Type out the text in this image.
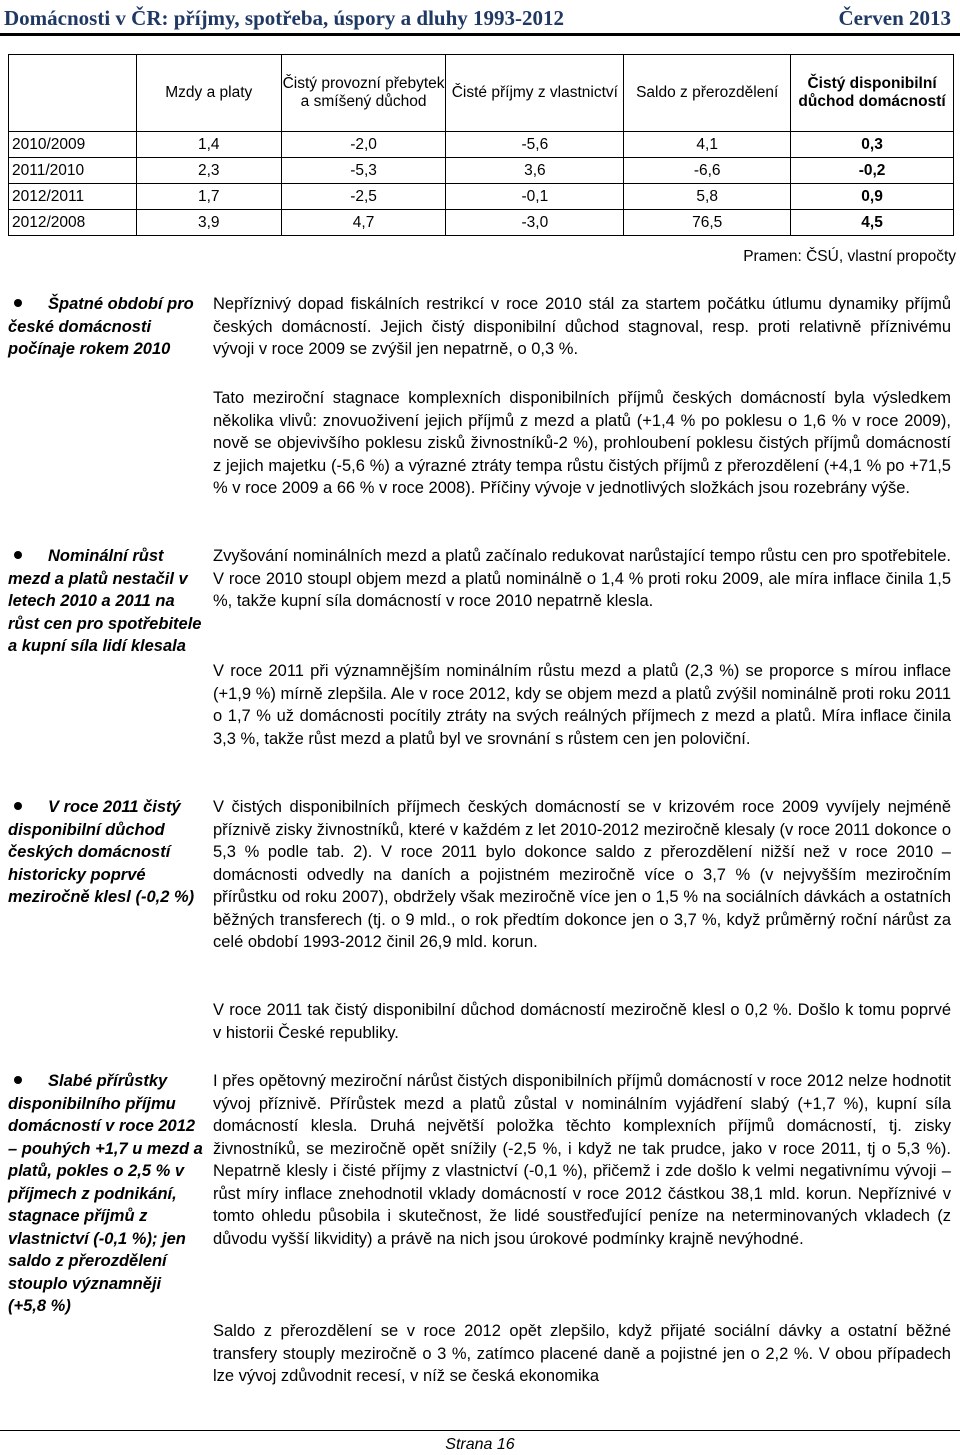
Domácnosti v ČR: příjmy, spotřeba, úspory a dluhy 1993-2012	Červen 2013
	Mzdy a platy	Čistý provozní přebytek a smíšený důchod	Čisté příjmy z vlastnictví	Saldo z přerozdělení	Čistý disponibilní důchod domácností
2010/2009	1,4	-2,0	-5,6	4,1	0,3
2011/2010	2,3	-5,3	3,6	-6,6	-0,2
2012/2011	1,7	-2,5	-0,1	5,8	0,9
2012/2008	3,9	4,7	-3,0	76,5	4,5
Pramen: ČSÚ, vlastní propočty
Špatné období pro české domácnosti počínaje rokem 2010
Nominální růst mezd a platů nestačil v letech 2010 a 2011 na růst cen pro spotřebitele a kupní síla lidí klesala
V roce 2011 čistý disponibilní důchod českých domácností historicky poprvé meziročně klesl (-0,2 %)
Slabé přírůstky disponibilního příjmu domácností v roce 2012 – pouhých +1,7 u mezd a platů, pokles o 2,5 % v příjmech z podnikání, stagnace příjmů z vlastnictví (-0,1 %); jen saldo z přerozdělení stouplo významněji (+5,8 %)
Nepříznivý dopad fiskálních restrikcí v roce 2010 stál za startem počátku útlumu dynamiky příjmů českých domácností. Jejich čistý disponibilní důchod stagnoval, resp. proti relativně příznivému vývoji v roce 2009 se zvýšil jen nepatrně, o 0,3 %.
Tato meziroční stagnace komplexních disponibilních příjmů českých domácností byla výsledkem několika vlivů: znovuoživení jejich příjmů z mezd a platů (+1,4 % po poklesu o 1,6 % v roce 2009), nově se objevivšího poklesu zisků živnostníků-2 %), prohloubení poklesu čistých příjmů domácností z jejich majetku (-5,6 %) a výrazné ztráty tempa růstu čistých příjmů z přerozdělení (+4,1 % po +71,5 % v roce 2009 a 66 % v roce 2008). Příčiny vývoje v jednotlivých složkách jsou rozebrány výše.
Zvyšování nominálních mezd a platů začínalo redukovat narůstající tempo růstu cen pro spotřebitele. V roce 2010 stoupl objem mezd a platů nominálně o 1,4 % proti roku 2009, ale míra inflace činila 1,5 %, takže kupní síla domácností v roce 2010 nepatrně klesla.
V roce 2011 při významnějším nominálním růstu mezd a platů (2,3 %) se proporce s mírou inflace (+1,9 %) mírně zlepšila. Ale v roce 2012, kdy se objem mezd a platů zvýšil nominálně proti roku 2011 o 1,7 % už domácnosti pocítily ztráty na svých reálných příjmech z mezd a platů. Míra inflace činila 3,3 %, takže růst mezd a platů byl ve srovnání s růstem cen jen poloviční.
V čistých disponibilních příjmech českých domácností se v krizovém roce 2009 vyvíjely nejméně příznivě zisky živnostníků, které v každém z let 2010-2012 meziročně klesaly (v roce 2011 dokonce o 5,3 % podle tab. 2). V roce 2011 bylo dokonce saldo z přerozdělení nižší než v roce 2010 – domácnosti odvedly na daních a pojistném meziročně více o 3,7 % (v nejvyšším meziročním přírůstku od roku 2007), obdržely však meziročně více jen o 1,5 % na sociálních dávkách a ostatních běžných transferech (tj. o 9 mld., o rok předtím dokonce jen o 3,7 %, když průměrný roční nárůst za celé období 1993-2012 činil 26,9 mld. korun.
V roce 2011 tak čistý disponibilní důchod domácností meziročně klesl o 0,2 %. Došlo k tomu poprvé v historii České republiky.
I přes opětovný meziroční nárůst čistých disponibilních příjmů domácností v roce 2012 nelze hodnotit vývoj příznivě. Přírůstek mezd a platů zůstal v nominálním vyjádření slabý (+1,7 %), kupní síla domácností klesla. Druhá největší položka těchto komplexních příjmů domácností, tj. zisky živnostníků, se meziročně opět snížily (-2,5 %, i když ne tak prudce, jako v roce 2011, tj o 5,3 %). Nepatrně klesly i čisté příjmy z vlastnictví (-0,1 %), přičemž i zde došlo k velmi negativnímu vývoji – růst míry inflace znehodnotil vklady domácností v roce 2012 částkou 38,1 mld. korun. Nepříznivé v tomto ohledu působila i skutečnost, že lidé soustřeďující peníze na neterminovaných vkladech (z důvodu vyšší likvidity) a právě na nich jsou úrokové podmínky krajně nevýhodné.
Saldo z přerozdělení se v roce 2012 opět zlepšilo, když přijaté sociální dávky a ostatní běžné transfery stouply meziročně o 3 %, zatímco placené daně a pojistné jen o 2,2 %. V obou případech lze vývoj zdůvodnit recesí, v níž se česká ekonomika
Strana 16
